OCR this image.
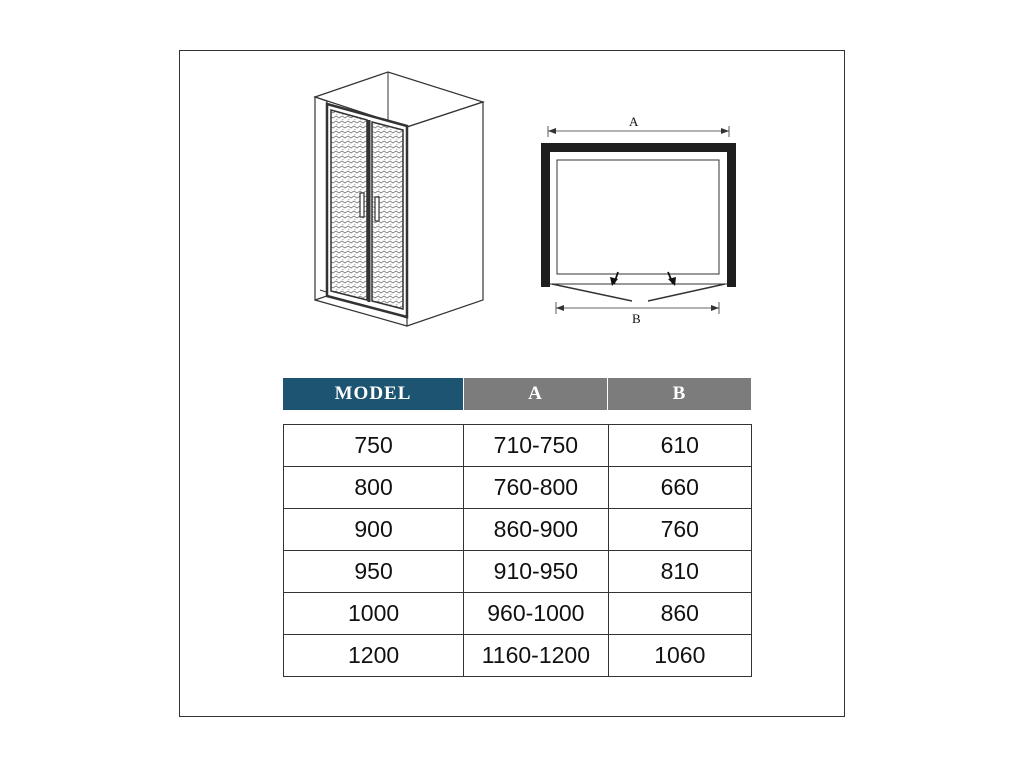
A
B
MODEL	A	B
750	710-750	610
800	760-800	660
900	860-900	760
950	910-950	810
1000	960-1000	860
1200	1160-1200	1060
